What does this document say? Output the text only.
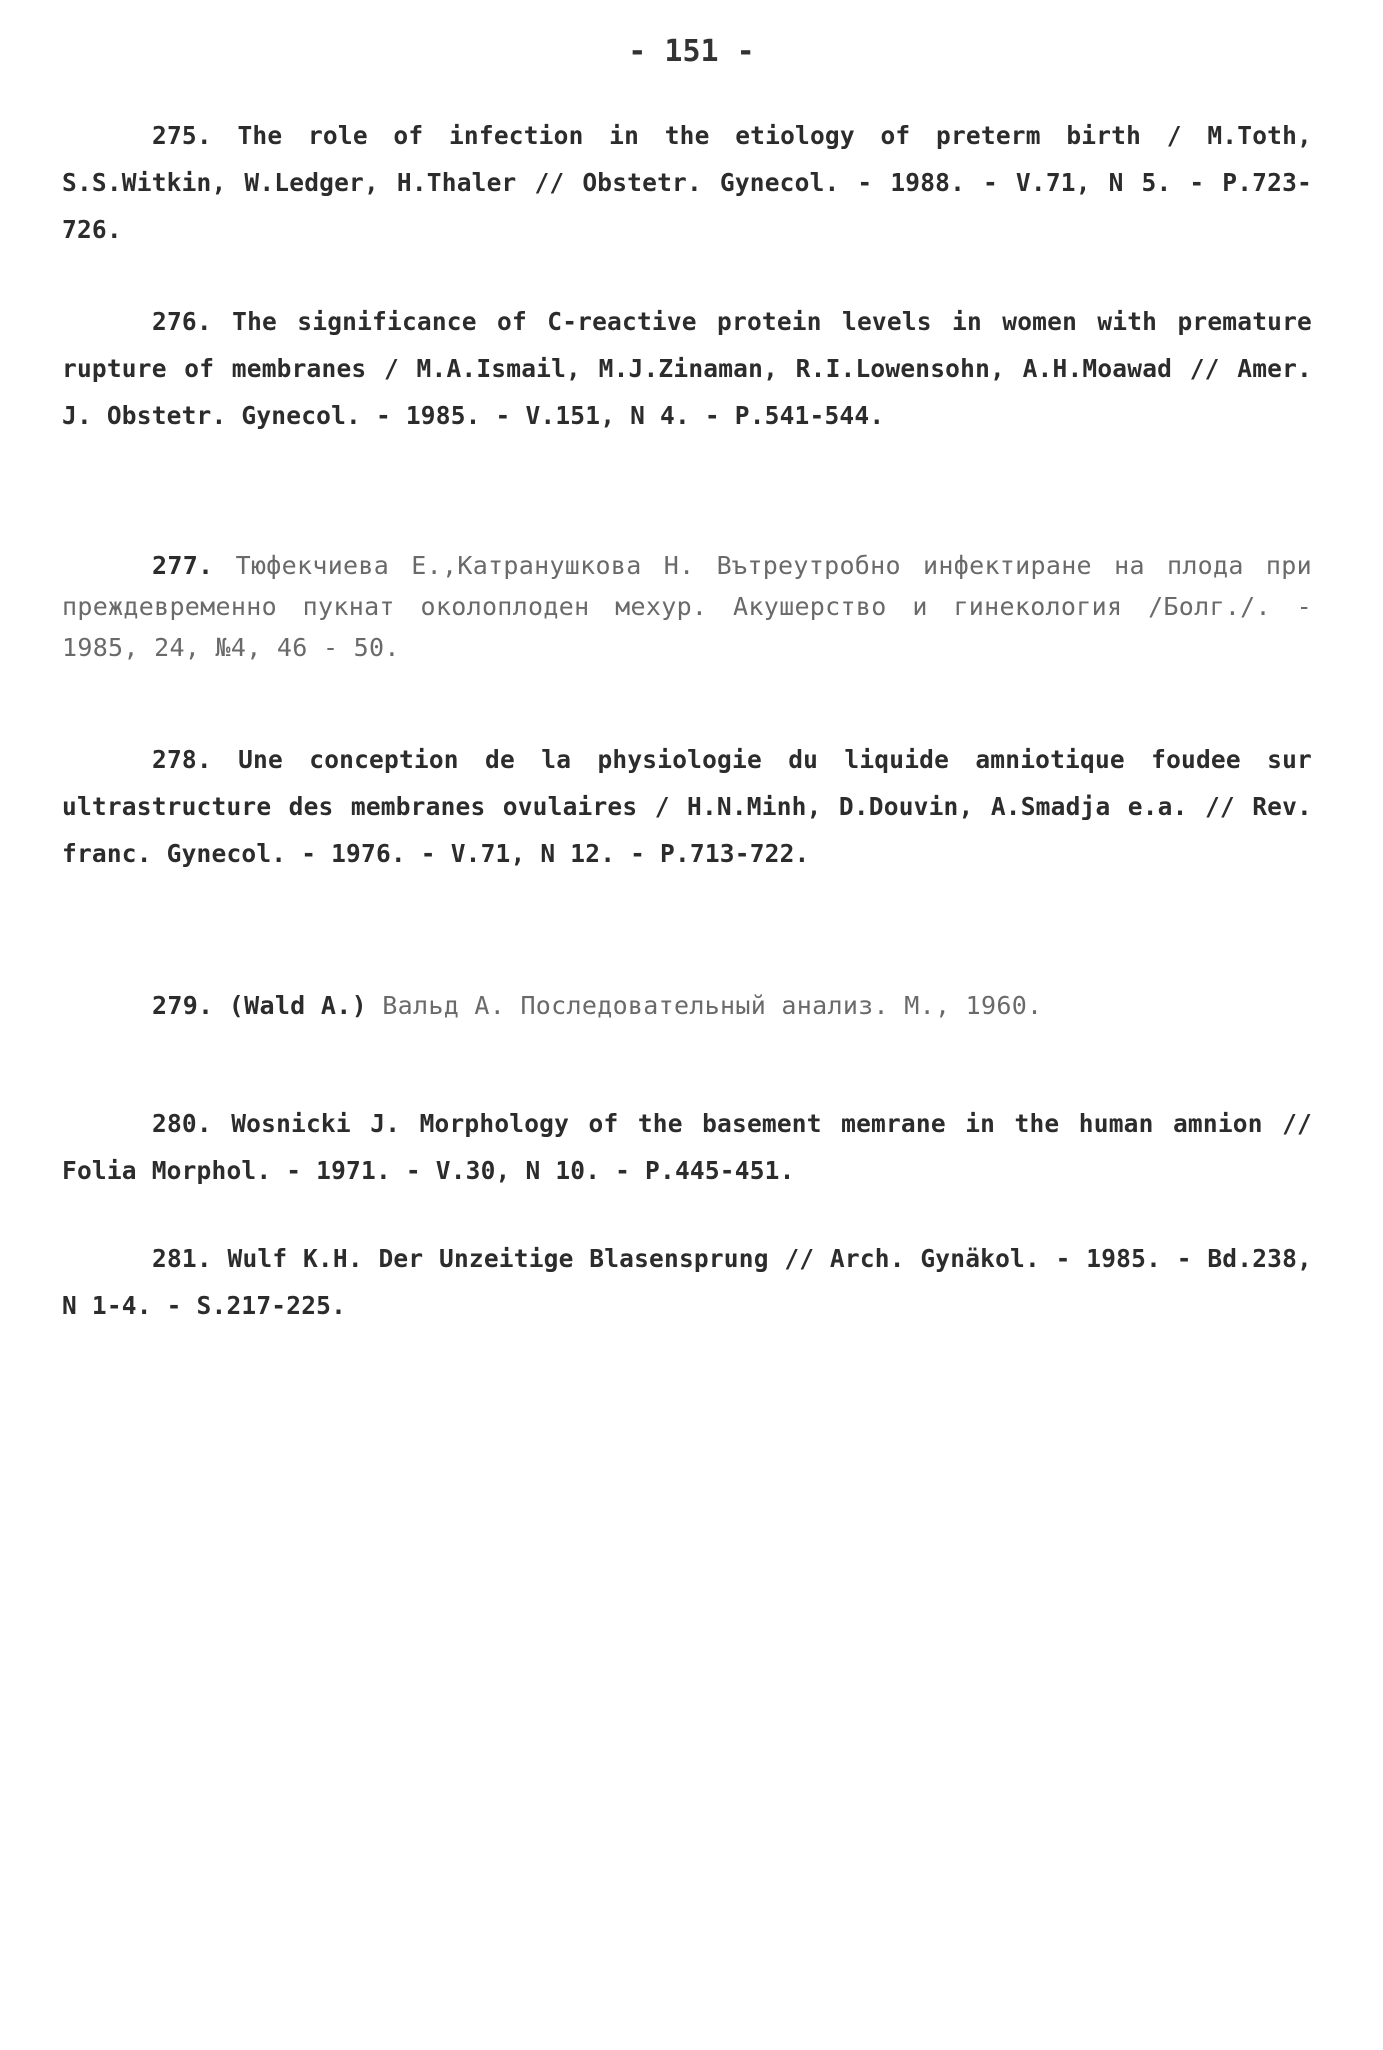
- 151 -

275. The role of infection in the etiology of preterm birth / M.Toth, S.S.Witkin, W.Ledger, H.Thaler // Obstetr. Gynecol. - 1988. - V.71, N 5. - P.723-726.

276. The significance of C-reactive protein levels in women with premature rupture of membranes / M.A.Ismail, M.J.Zinaman, R.I.Lowensohn, A.H.Moawad // Amer. J. Obstetr. Gynecol. - 1985. - V.151, N 4. - P.541-544.

277. Тюфекчиева Е.,Катранушкова Н. Вътреутробно инфектиране на плода при преждевременно пукнат околоплоден мехур. Акушерство и гинекология /Болг./. - 1985, 24, №4, 46 - 50.

278. Une conception de la physiologie du liquide amniotique foudee sur ultrastructure des membranes ovulaires / H.N.Minh, D.Douvin, A.Smadja e.a. // Rev. franc. Gynecol. - 1976. - V.71, N 12. - P.713-722.

279. (Wald A.) Вальд А. Последовательный анализ. М., 1960.

280. Wosnicki J. Morphology of the basement memrane in the human amnion // Folia Morphol. - 1971. - V.30, N 10. - P.445-451.

281. Wulf K.H. Der Unzeitige Blasensprung // Arch. Gynäkol. - 1985. - Bd.238, N 1-4. - S.217-225.
